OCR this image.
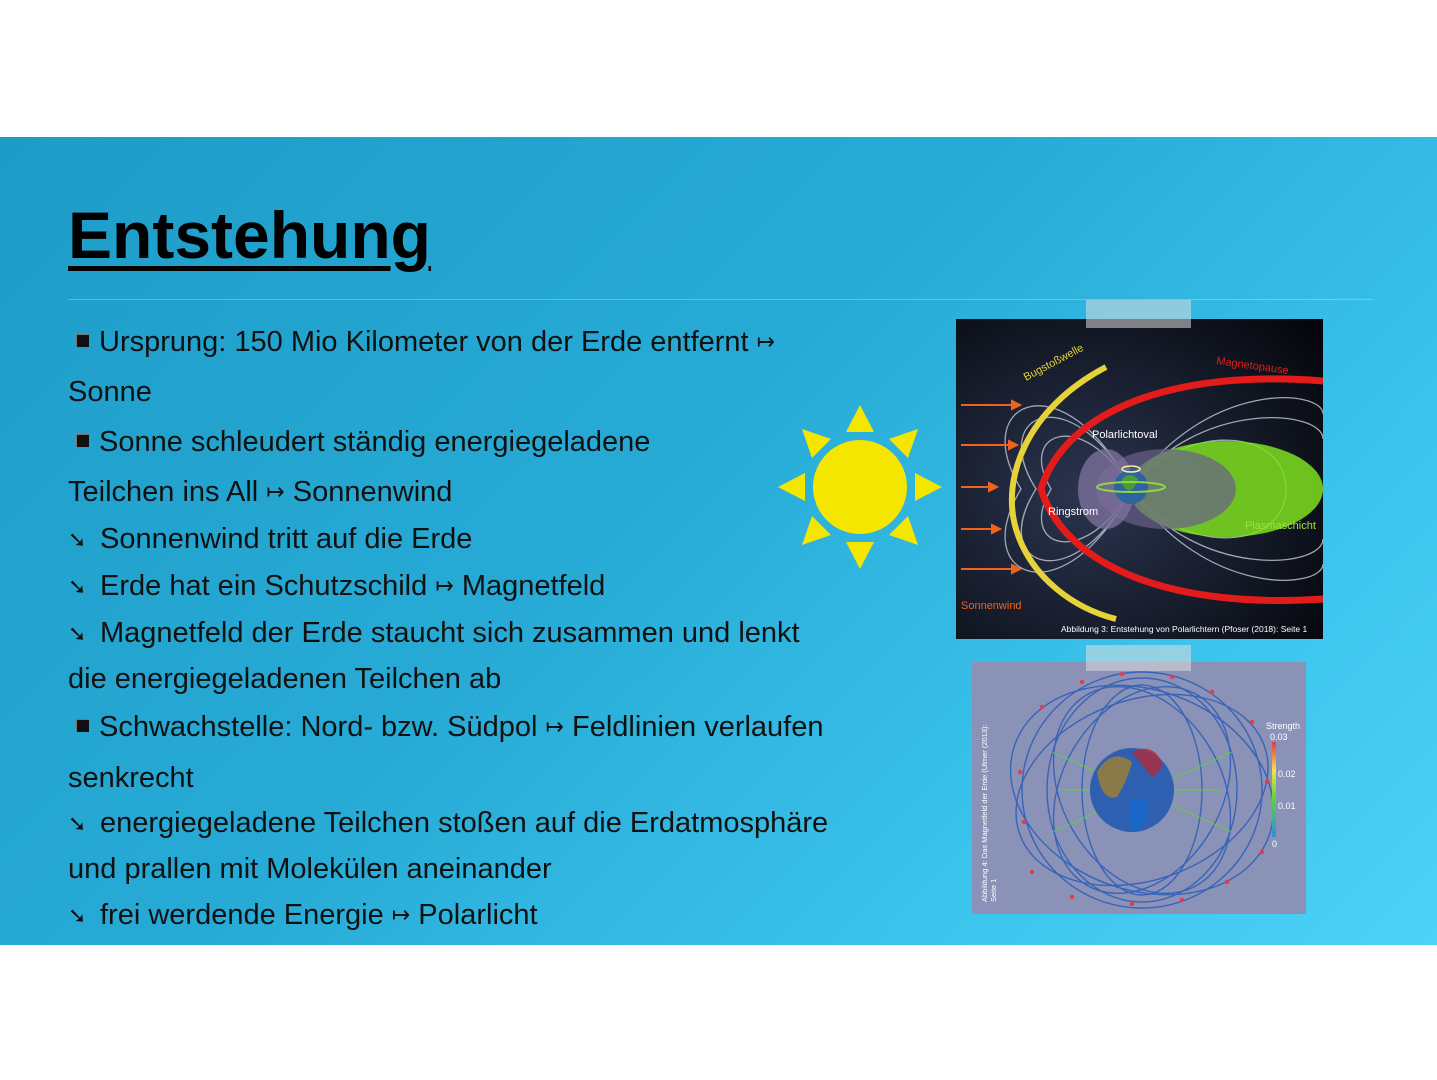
Entstehung
Ursprung: 150 Mio Kilometer von der Erde entfernt ↦
Sonne
Sonne schleudert ständig energiegeladene
Teilchen ins All ↦ Sonnenwind
➘ Sonnenwind tritt auf die Erde
➘ Erde hat ein Schutzschild ↦ Magnetfeld
➘ Magnetfeld der Erde staucht sich zusammen und lenkt
die energiegeladenen Teilchen ab
Schwachstelle: Nord- bzw. Südpol ↦ Feldlinien verlaufen
senkrecht
➘ energiegeladene Teilchen stoßen auf die Erdatmosphäre
und prallen mit Molekülen aneinander
➘ frei werdende Energie ↦ Polarlicht
Bugstoßwelle	Magnetopause
Polarlichtoval
Ringstrom
Plasmaschicht
Sonnenwind
Abbildung 3: Entstehung von Polarlichtern (Pfoser (2018): Seite 1
Strength
0.03
0.02
0.01
0
Abbildung 4: Das Magnetfeld der Erde (Ulmer (2013): Seite 1
